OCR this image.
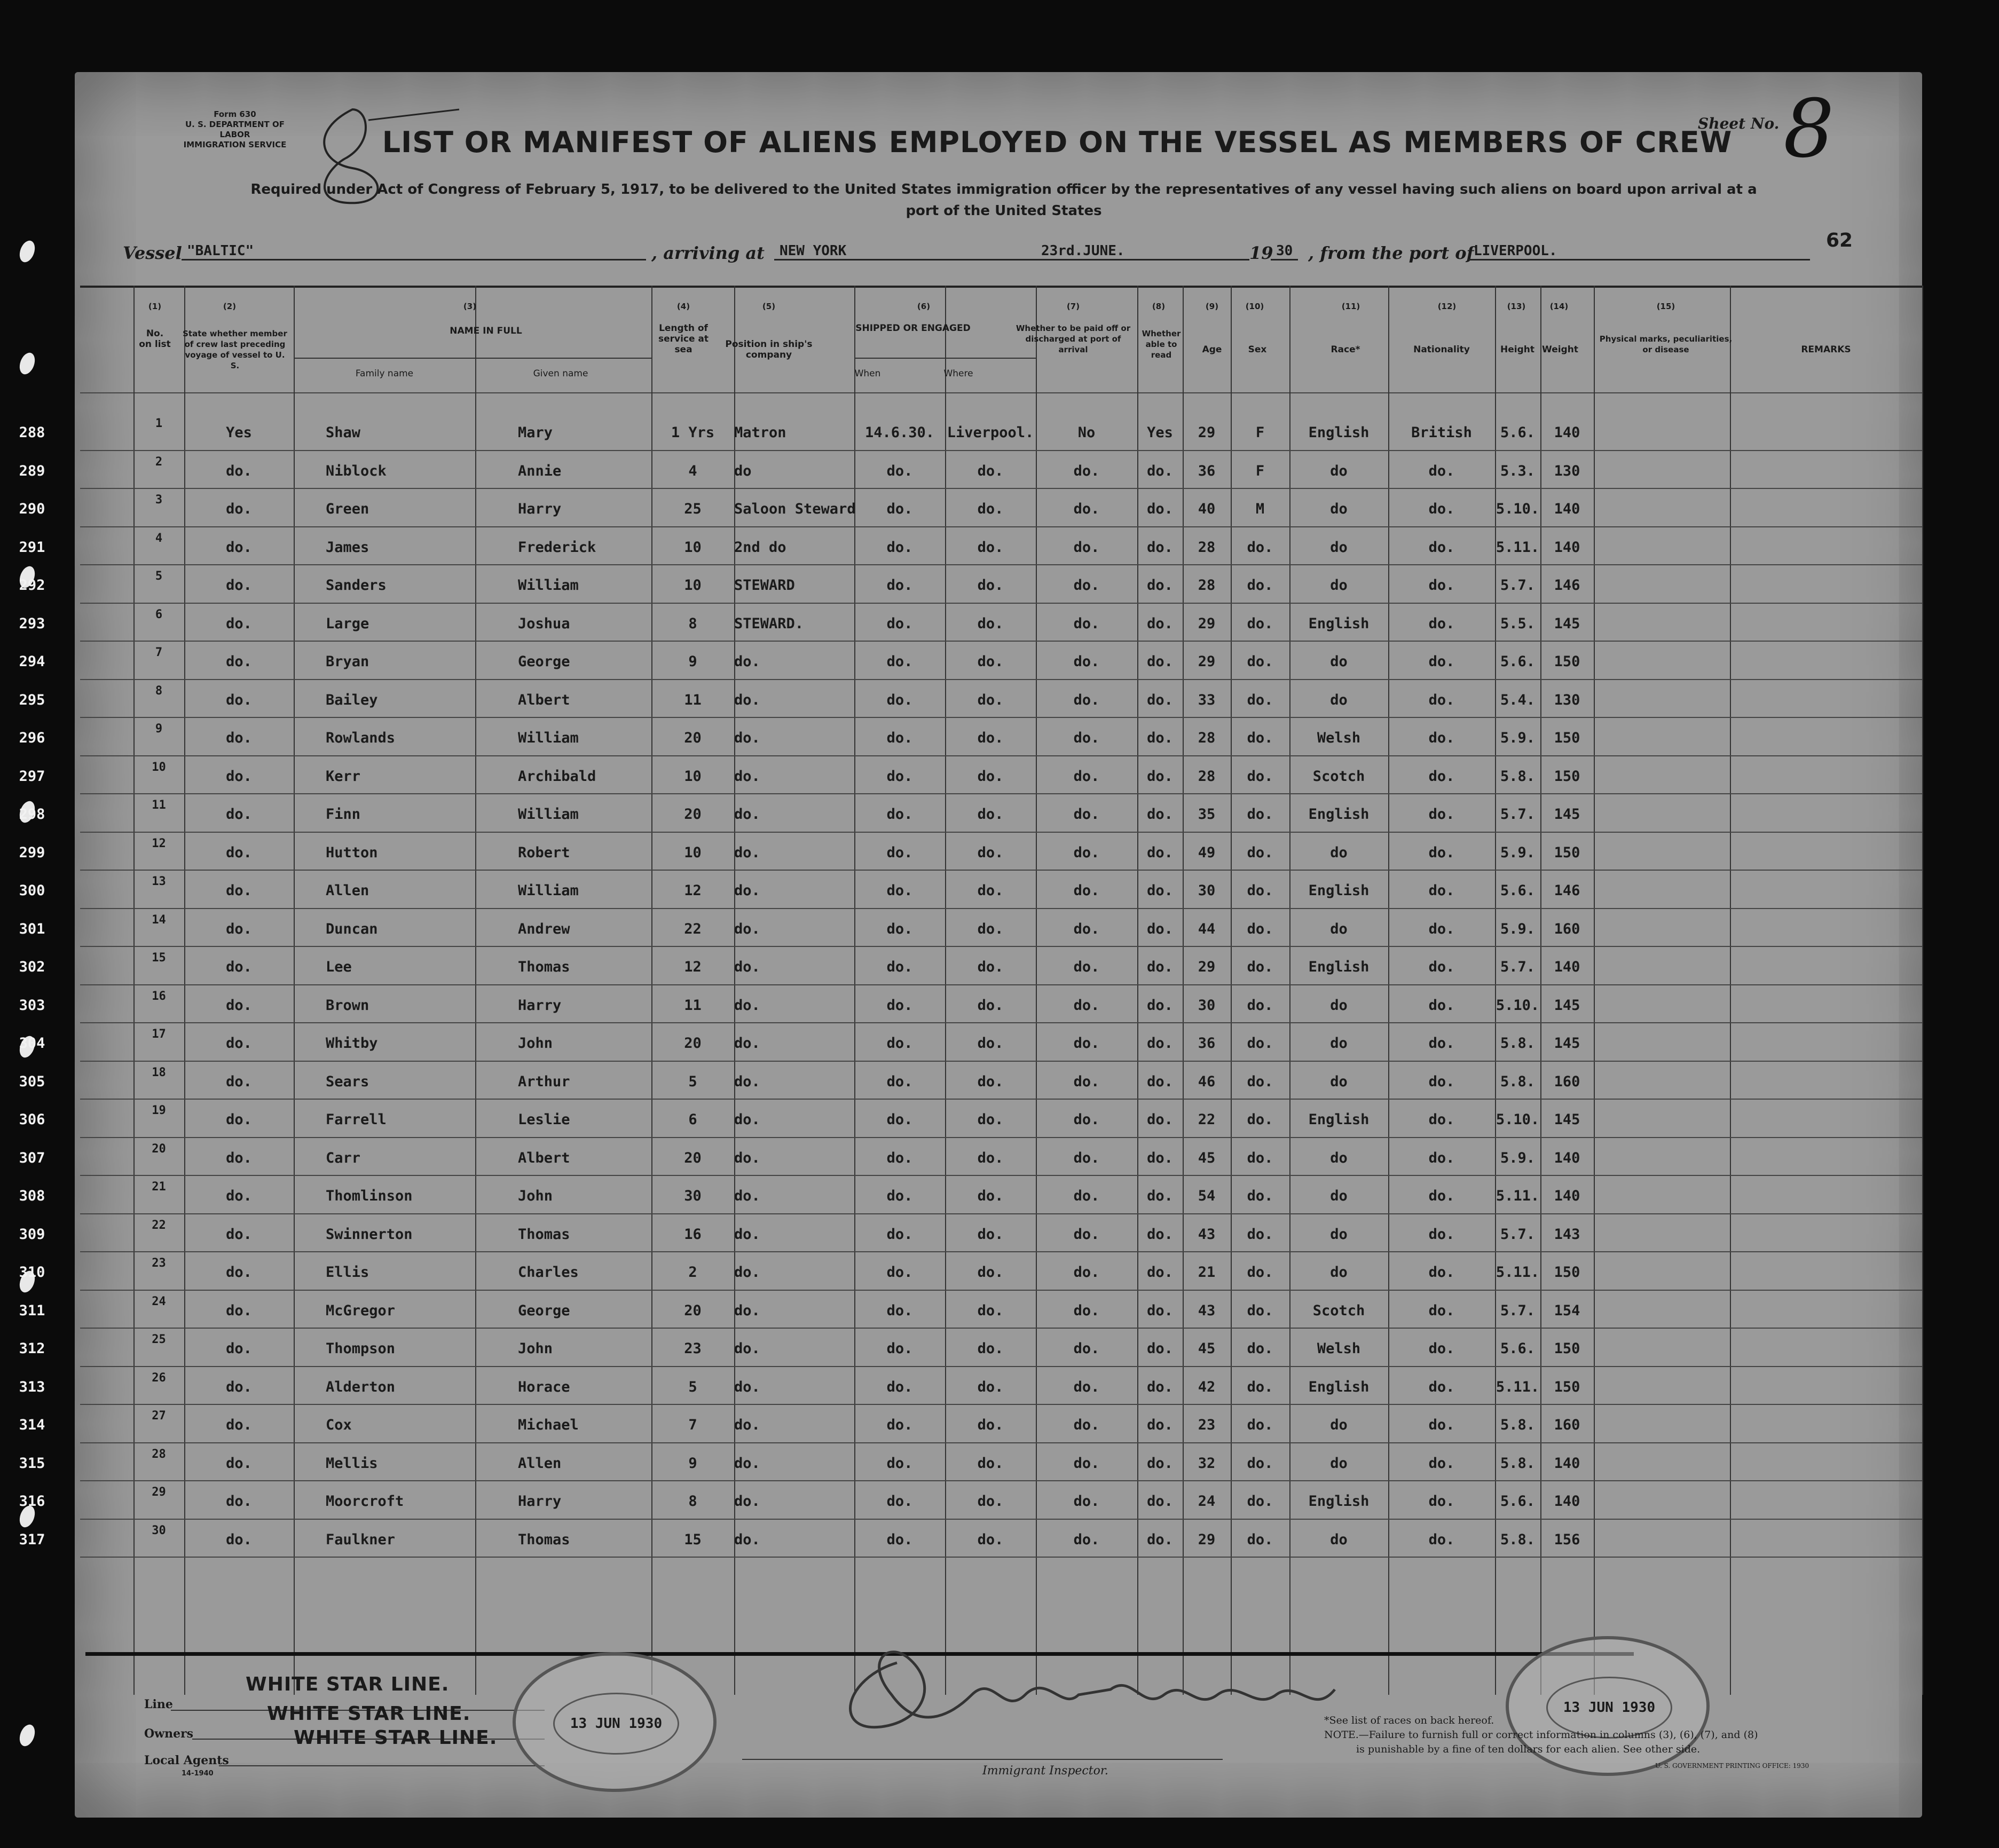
Form 630
U. S. DEPARTMENT OF LABOR
IMMIGRATION SERVICE
Sheet No. 8
LIST OR MANIFEST OF ALIENS EMPLOYED ON THE VESSEL AS MEMBERS OF CREW
Required under Act of Congress of February 5, 1917, to be delivered to the United States immigration officer by the representatives of any vessel having such aliens on board upon arrival at a
port of the United States
62
Vessel "BALTIC"	, arriving at	NEW YORK	23rd.JUNE.	19 30 , from the port of LIVERPOOL.
(1)
No. on list
(2)
State whether member of crew last preceding voyage of vessel to U. S.
(3)
NAME IN FULL
Family name	Given name
(4)
Length of service at sea
(5)
Position in ship's company
(6)
SHIPPED OR ENGAGED
When	Where
(7)
Whether to be paid off or discharged at port of arrival
(8)
Whether able to read
(9)
Age
(10)
Sex
(11)
Race*
(12)
Nationality
(13)
Height
(14)
Weight
(15)
Physical marks, peculiarities, or disease	REMARKS
288
1
Yes	Shaw	Mary	1 Yrs	Matron	14.6.30. Liverpool.	No	Yes	29	F	English	British	5.6.	140
289
2
do.	Niblock	Annie	4	do	do.	do.	do.	do.	36	F	do	do.	5.3.	130
290
3
do.	Green	Harry	25	Saloon Steward	do.	do.	do.	do.	40	M	do	do.	5.10.	140
291
4
do.	James	Frederick	10	2nd do	do.	do.	do.	do.	28	do.	do	do.	5.11.	140
292
5
do.	Sanders	William	10	STEWARD	do.	do.	do.	do.	28	do.	do	do.	5.7.	146
293
6
do.	Large	Joshua	8	STEWARD.	do.	do.	do.	do.	29	do.	English	do.	5.5.	145
294
7
do.	Bryan	George	9	do.	do.	do.	do.	do.	29	do.	do	do.	5.6.	150
295
8
do.	Bailey	Albert	11	do.	do.	do.	do.	do.	33	do.	do	do.	5.4.	130
296
9
do.	Rowlands	William	20	do.	do.	do.	do.	do.	28	do.	Welsh	do.	5.9.	150
297
10
do.	Kerr	Archibald	10	do.	do.	do.	do.	do.	28	do.	Scotch	do.	5.8.	150
298
11
do.	Finn	William	20	do.	do.	do.	do.	do.	35	do.	English	do.	5.7.	145
299
12
do.	Hutton	Robert	10	do.	do.	do.	do.	do.	49	do.	do	do.	5.9.	150
300
13
do.	Allen	William	12	do.	do.	do.	do.	do.	30	do.	English	do.	5.6.	146
301
14
do.	Duncan	Andrew	22	do.	do.	do.	do.	do.	44	do.	do	do.	5.9.	160
302
15
do.	Lee	Thomas	12	do.	do.	do.	do.	do.	29	do.	English	do.	5.7.	140
303
16
do.	Brown	Harry	11	do.	do.	do.	do.	do.	30	do.	do	do.	5.10.	145
304
17
do.	Whitby	John	20	do.	do.	do.	do.	do.	36	do.	do	do.	5.8.	145
305
18
do.	Sears	Arthur	5	do.	do.	do.	do.	do.	46	do.	do	do.	5.8.	160
306
19
do.	Farrell	Leslie	6	do.	do.	do.	do.	do.	22	do.	English	do.	5.10.	145
307
20
do.	Carr	Albert	20	do.	do.	do.	do.	do.	45	do.	do	do.	5.9.	140
308
21
do.	Thomlinson	John	30	do.	do.	do.	do.	do.	54	do.	do	do.	5.11.	140
309
22
do.	Swinnerton	Thomas	16	do.	do.	do.	do.	do.	43	do.	do	do.	5.7.	143
310
23
do.	Ellis	Charles	2	do.	do.	do.	do.	do.	21	do.	do	do.	5.11.	150
311
24
do.	McGregor	George	20	do.	do.	do.	do.	do.	43	do.	Scotch	do.	5.7.	154
312
25
do.	Thompson	John	23	do.	do.	do.	do.	do.	45	do.	Welsh	do.	5.6.	150
313
26
do.	Alderton	Horace	5	do.	do.	do.	do.	do.	42	do.	English	do.	5.11.	150
314
27
do.	Cox	Michael	7	do.	do.	do.	do.	do.	23	do.	do	do.	5.8.	160
315
28
do.	Mellis	Allen	9	do.	do.	do.	do.	do.	32	do.	do	do.	5.8.	140
316
29
do.	Moorcroft	Harry	8	do.	do.	do.	do.	do.	24	do.	English	do.	5.6.	140
317
30
do.	Faulkner	Thomas	15	do.	do.	do.	do.	do.	29	do.	do	do.	5.8.	156
Line
WHITE STAR LINE.
Owners
WHITE STAR LINE.
Local Agents
WHITE STAR LINE.
14-1940
13 JUN 1930
13 JUN 1930
Immigrant Inspector.
*See list of races on back hereof.
NOTE.—Failure to furnish full or correct information in columns (3), (6), (7), and (8)
is punishable by a fine of ten dollars for each alien. See other side.
U. S. GOVERNMENT PRINTING OFFICE: 1930
